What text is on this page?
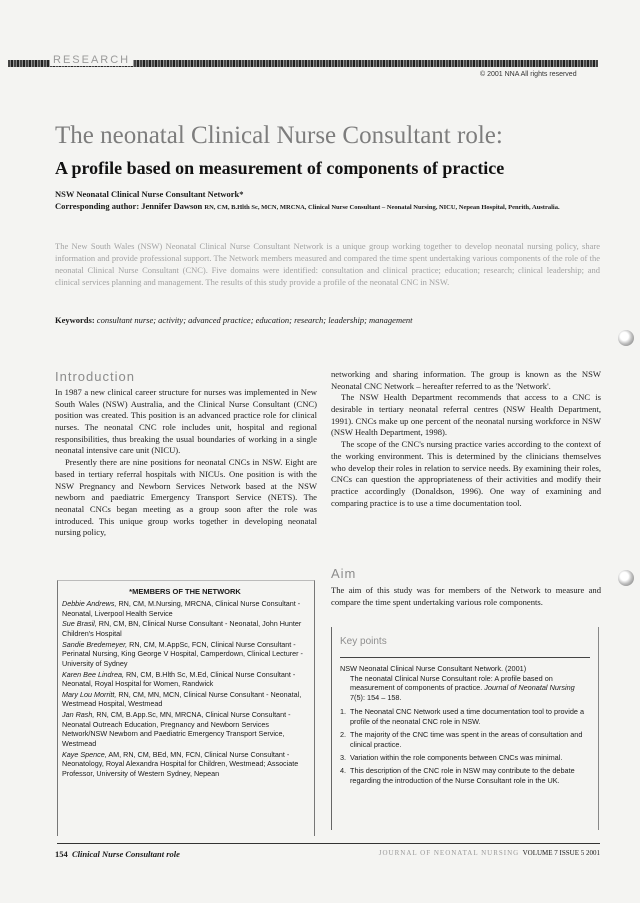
RESEARCH
© 2001 NNA All rights reserved
The neonatal Clinical Nurse Consultant role:
A profile based on measurement of components of practice
NSW Neonatal Clinical Nurse Consultant Network*
Corresponding author: Jennifer Dawson RN, CM, B.Hlth Sc, MCN, MRCNA, Clinical Nurse Consultant – Neonatal Nursing, NICU, Nepean Hospital, Penrith, Australia.
The New South Wales (NSW) Neonatal Clinical Nurse Consultant Network is a unique group working together to develop neonatal nursing policy, share information and provide professional support. The Network members measured and compared the time spent undertaking various components of the role of the neonatal Clinical Nurse Consultant (CNC). Five domains were identified: consultation and clinical practice; education; research; clinical leadership; and clinical services planning and management. The results of this study provide a profile of the neonatal CNC in NSW.
Keywords: consultant nurse; activity; advanced practice; education; research; leadership; management
Introduction

In 1987 a new clinical career structure for nurses was implemented in New South Wales (NSW) Australia, and the Clinical Nurse Consultant (CNC) position was created. This position is an advanced practice role for clinical nurses. The neonatal CNC role includes unit, hospital and regional responsibilities, thus breaking the usual boundaries of working in a single neonatal intensive care unit (NICU).

Presently there are nine positions for neonatal CNCs in NSW. Eight are based in tertiary referral hospitals with NICUs. One position is with the NSW Pregnancy and Newborn Services Network based at the NSW newborn and paediatric Emergency Transport Service (NETS). The neonatal CNCs began meeting as a group soon after the role was introduced. This unique group works together in developing neonatal nursing policy,

networking and sharing information. The group is known as the NSW Neonatal CNC Network – hereafter referred to as the 'Network'.

The NSW Health Department recommends that access to a CNC is desirable in tertiary neonatal referral centres (NSW Health Department, 1991). CNCs make up one percent of the neonatal nursing workforce in NSW (NSW Health Department, 1998).

The scope of the CNC's nursing practice varies according to the context of the working environment. This is determined by the clinicians themselves who develop their roles in relation to service needs. By examining their roles, CNCs can question the appropriateness of their activities and modify their practice accordingly (Donaldson, 1996). One way of examining and comparing practice is to use a time documentation tool.

Aim

The aim of this study was for members of the Network to measure and compare the time spent undertaking various role components.

*MEMBERS OF THE NETWORK
Debbie Andrews, RN, CM, M.Nursing, MRCNA, Clinical Nurse Consultant - Neonatal, Liverpool Health Service
Sue Brasil, RN, CM, BN, Clinical Nurse Consultant - Neonatal, John Hunter Children's Hospital
Sandie Bredemeyer, RN, CM, M.AppSc, FCN, Clinical Nurse Consultant - Perinatal Nursing, King George V Hospital, Camperdown, Clinical Lecturer - University of Sydney
Karen Bee Lindrea, RN, CM, B.Hlth Sc, M.Ed, Clinical Nurse Consultant - Neonatal, Royal Hospital for Women, Randwick
Mary Lou Morritt, RN, CM, MN, MCN, Clinical Nurse Consultant - Neonatal, Westmead Hospital, Westmead
Jan Rash, RN, CM, B.App.Sc, MN, MRCNA, Clinical Nurse Consultant - Neonatal Outreach Education, Pregnancy and Newborn Services Network/NSW Newborn and Paediatric Emergency Transport Service, Westmead
Kaye Spence, AM, RN, CM, BEd, MN, FCN, Clinical Nurse Consultant - Neonatology, Royal Alexandra Hospital for Children, Westmead; Associate Professor, University of Western Sydney, Nepean
Key points
NSW Neonatal Clinical Nurse Consultant Network. (2001)
The neonatal Clinical Nurse Consultant role: A profile based on measurement of components of practice. Journal of Neonatal Nursing 7(5): 154 – 158.
1. The Neonatal CNC Network used a time documentation tool to provide a profile of the neonatal CNC role in NSW.
2. The majority of the CNC time was spent in the areas of consultation and clinical practice.
3. Variation within the role components between CNCs was minimal.
4. This description of the CNC role in NSW may contribute to the debate regarding the introduction of the Nurse Consultant role in the UK.
154 Clinical Nurse Consultant role	JOURNAL OF NEONATAL NURSING VOLUME 7 ISSUE 5 2001
